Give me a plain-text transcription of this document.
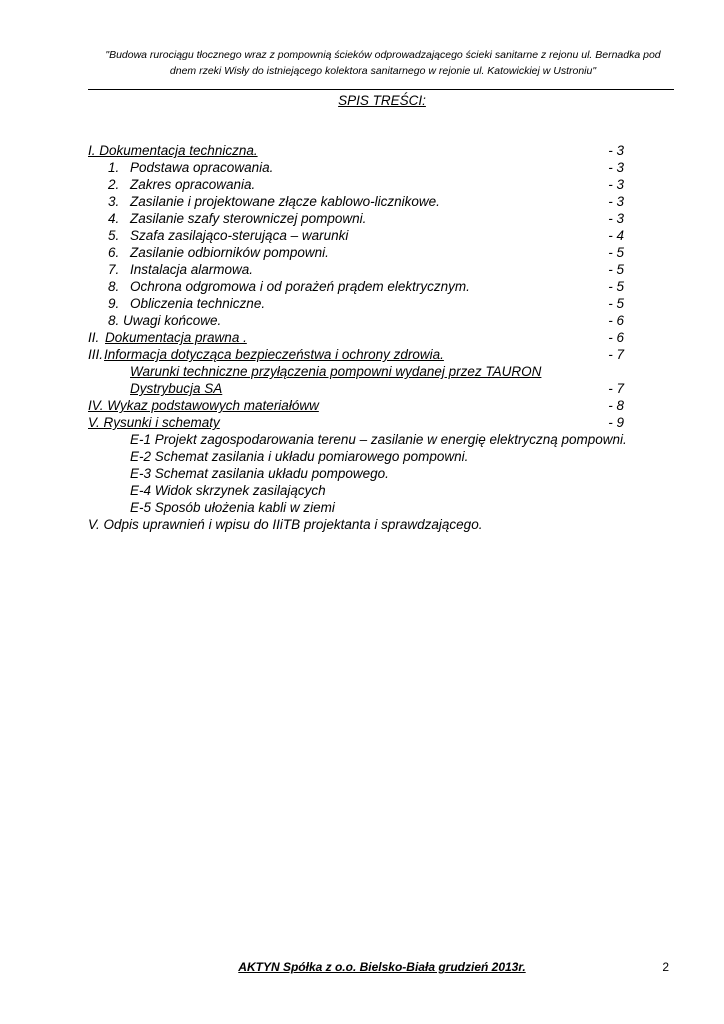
"Budowa rurociągu tłocznego wraz z pompownią ścieków odprowadzającego ścieki sanitarne z rejonu ul. Bernadka pod
dnem rzeki Wisły do istniejącego kolektora sanitarnego w rejonie ul. Katowickiej w Ustroniu"
SPIS TREŚCI:
I. Dokumentacja techniczna.	- 3
1. Podstawa opracowania.	- 3
2. Zakres opracowania.	- 3
3. Zasilanie i projektowane złącze kablowo-licznikowe.	- 3
4. Zasilanie szafy sterowniczej pompowni.	- 3
5. Szafa zasilająco-sterująca – warunki	- 4
6. Zasilanie odbiorników pompowni.	- 5
7. Instalacja alarmowa.	- 5
8. Ochrona odgromowa i od porażeń prądem elektrycznym.	- 5
9. Obliczenia techniczne.	- 5
8. Uwagi końcowe.	- 6
II. Dokumentacja prawna .	- 6
III. Informacja dotycząca bezpieczeństwa i ochrony zdrowia.	- 7
Warunki techniczne przyłączenia pompowni wydanej przez TAURON
Dystrybucja SA	- 7
IV. Wykaz podstawowych materiałóww	- 8
V. Rysunki i schematy	- 9
E-1 Projekt zagospodarowania terenu – zasilanie w energię elektryczną pompowni.
E-2 Schemat zasilania i układu pomiarowego pompowni.
E-3 Schemat zasilania układu pompowego.
E-4 Widok skrzynek zasilających
E-5 Sposób ułożenia kabli w ziemi
V. Odpis uprawnień i wpisu do IIiTB projektanta i sprawdzającego.
AKTYN Spółka z o.o. Bielsko-Biała grudzień 2013r.	2
